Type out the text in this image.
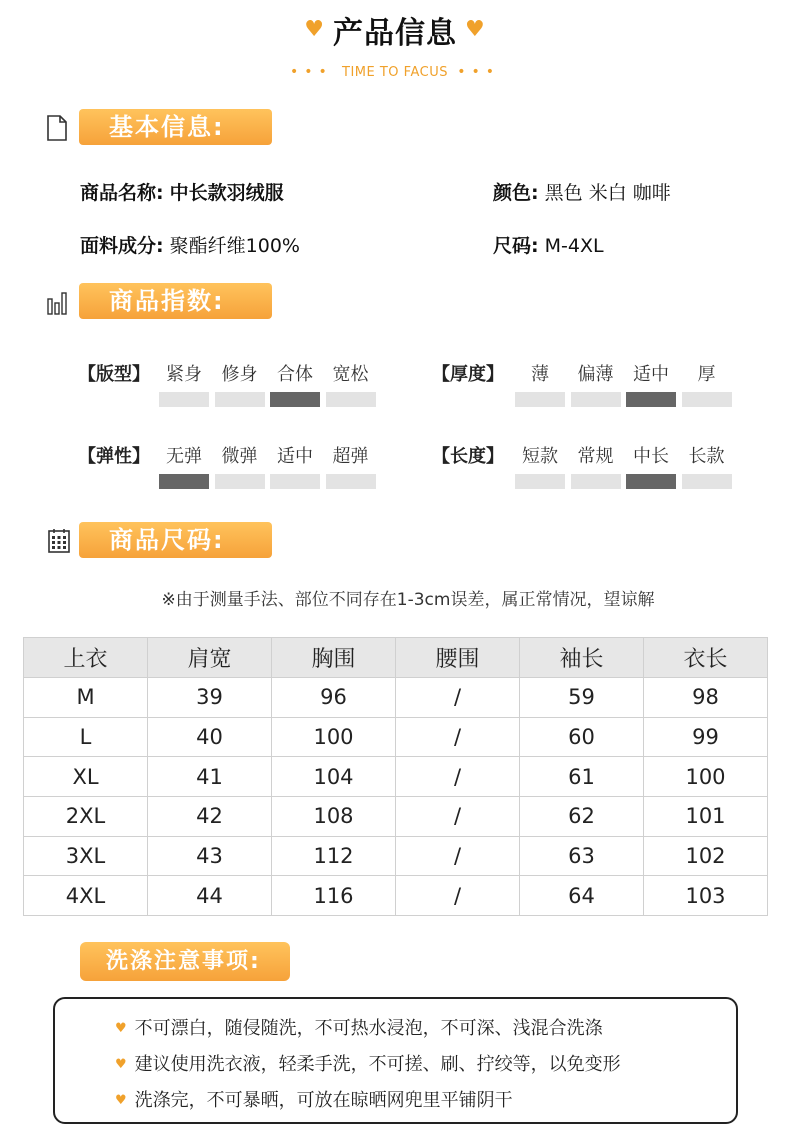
♥ 产品信息 ♥
••• TIME TO FACUS •••
基本信息:
商品名称: 中长款羽绒服	颜色: 黑色 米白 咖啡
面料成分: 聚酯纤维100%	尺码: M-4XL
商品指数:
【版型】 紧身	修身	合体	宽松	【厚度】	薄	偏薄	适中	厚
【弹性】 无弹	微弹	适中	超弹	【长度】	短款	常规	中长	长款
商品尺码:
※由于测量手法、部位不同存在1-3cm误差，属正常情况，望谅解
上衣	肩宽	胸围	腰围	袖长	衣长
M	39	96	/	59	98
L	40	100	/	60	99
XL	41	104	/	61	100
2XL	42	108	/	62	101
3XL	43	112	/	63	102
4XL	44	116	/	64	103
洗涤注意事项:
♥ 不可漂白，随侵随洗，不可热水浸泡，不可深、浅混合洗涤
♥ 建议使用洗衣液，轻柔手洗，不可搓、刷、拧绞等，以免变形
♥ 洗涤完，不可暴晒，可放在晾晒网兜里平铺阴干
